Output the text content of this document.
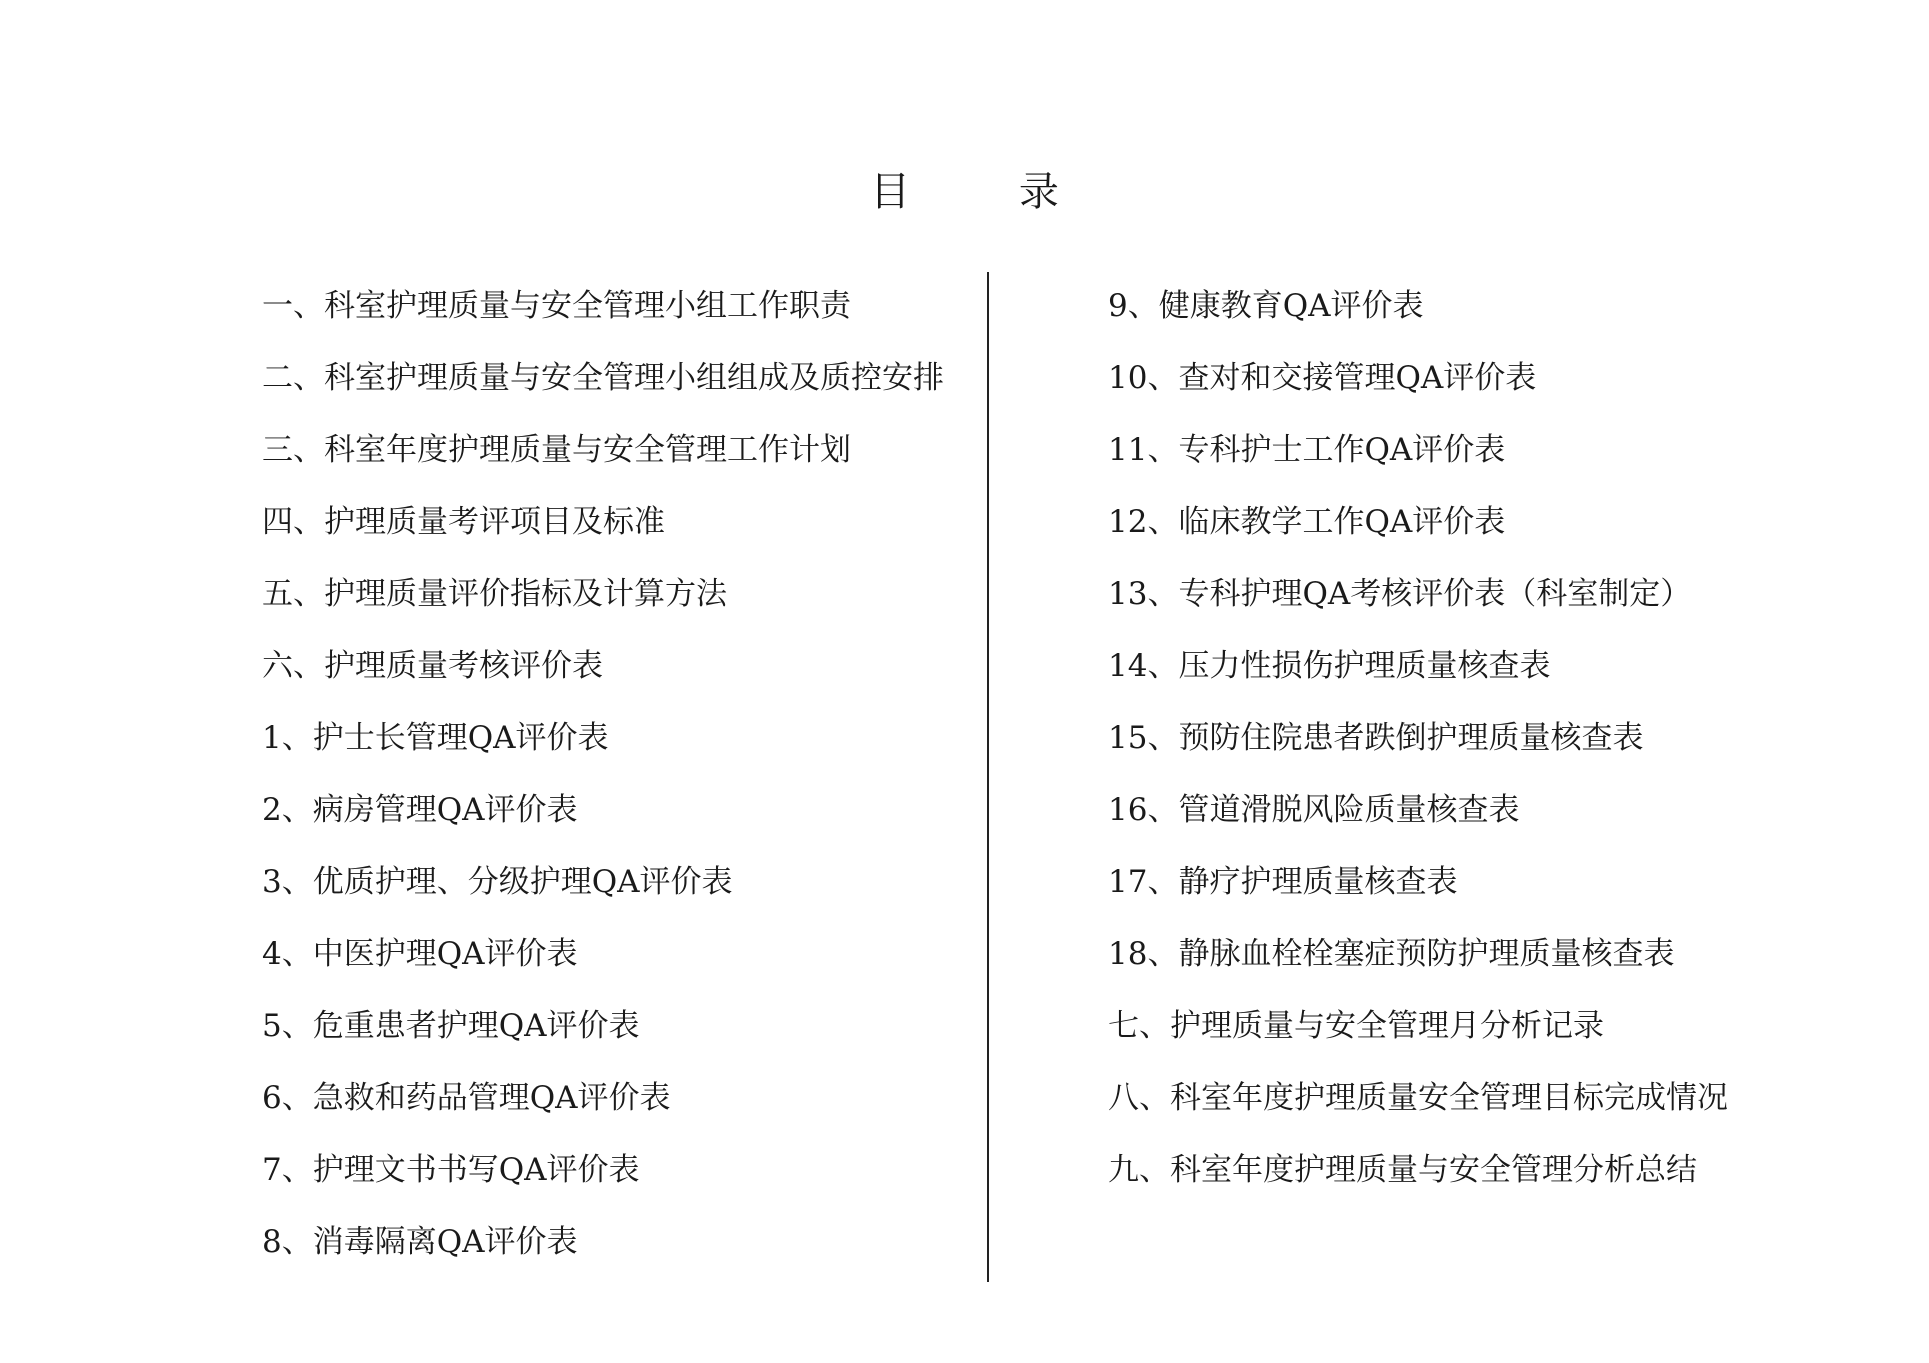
目 录
一、科室护理质量与安全管理小组工作职责
二、科室护理质量与安全管理小组组成及质控安排
三、科室年度护理质量与安全管理工作计划
四、护理质量考评项目及标准
五、护理质量评价指标及计算方法
六、护理质量考核评价表
1、护士长管理QA评价表
2、病房管理QA评价表
3、优质护理、分级护理QA评价表
4、中医护理QA评价表
5、危重患者护理QA评价表
6、急救和药品管理QA评价表
7、护理文书书写QA评价表
8、消毒隔离QA评价表
9、健康教育QA评价表
10、查对和交接管理QA评价表
11、专科护士工作QA评价表
12、临床教学工作QA评价表
13、专科护理QA考核评价表（科室制定）
14、压力性损伤护理质量核查表
15、预防住院患者跌倒护理质量核查表
16、管道滑脱风险质量核查表
17、静疗护理质量核查表
18、静脉血栓栓塞症预防护理质量核查表
七、护理质量与安全管理月分析记录
八、科室年度护理质量安全管理目标完成情况
九、科室年度护理质量与安全管理分析总结
